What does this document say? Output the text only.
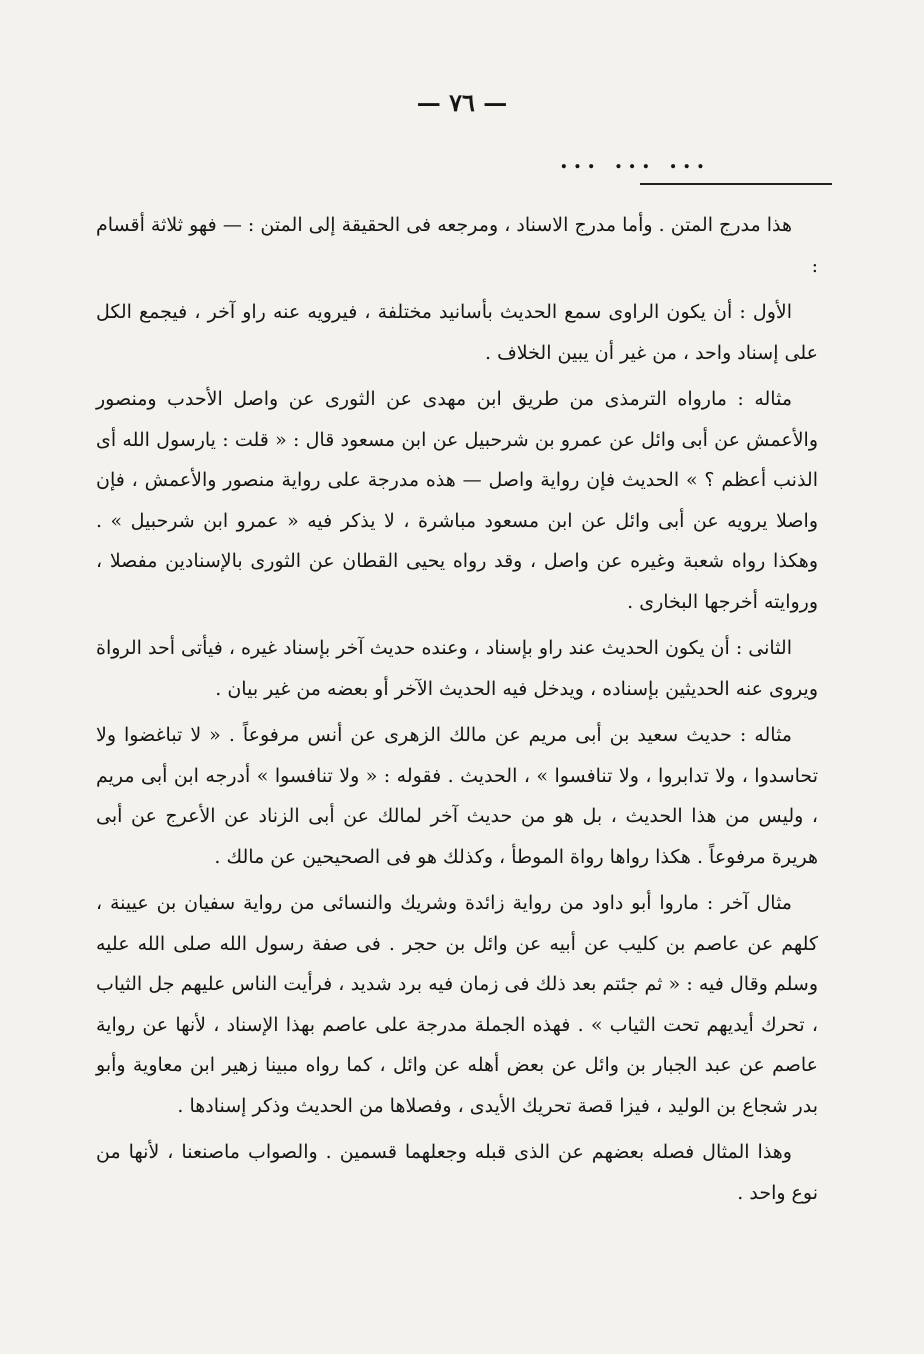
— ٧٦ —
... ... ...

هذا مدرج المتن . وأما مدرج الاسناد ، ومرجعه فى الحقيقة إلى المتن : — فهو ثلاثة أقسام :

الأول : أن يكون الراوى سمع الحديث بأسانيد مختلفة ، فيرويه عنه راو آخر ، فيجمع الكل على إسناد واحد ، من غير أن يبين الخلاف .

مثاله : مارواه الترمذى من طريق ابن مهدى عن الثورى عن واصل الأحدب ومنصور والأعمش عن أبى وائل عن عمرو بن شرحبيل عن ابن مسعود قال : « قلت : يارسول الله أى الذنب أعظم ؟ » الحديث فإن رواية واصل — هذه مدرجة على رواية منصور والأعمش ، فإن واصلا يرويه عن أبى وائل عن ابن مسعود مباشرة ، لا يذكر فيه « عمرو ابن شرحبيل » . وهكذا رواه شعبة وغيره عن واصل ، وقد رواه يحيى القطان عن الثورى بالإسنادين مفصلا ، وروايته أخرجها البخارى .

الثانى : أن يكون الحديث عند راو بإسناد ، وعنده حديث آخر بإسناد غيره ، فيأتى أحد الرواة ويروى عنه الحديثين بإسناده ، ويدخل فيه الحديث الآخر أو بعضه من غير بيان .

مثاله : حديث سعيد بن أبى مريم عن مالك الزهرى عن أنس مرفوعاً . « لا تباغضوا ولا تحاسدوا ، ولا تدابروا ، ولا تنافسوا » ، الحديث . فقوله : « ولا تنافسوا » أدرجه ابن أبى مريم ، وليس من هذا الحديث ، بل هو من حديث آخر لمالك عن أبى الزناد عن الأعرج عن أبى هريرة مرفوعاً . هكذا رواها رواة الموطأ ، وكذلك هو فى الصحيحين عن مالك .

مثال آخر : ماروا أبو داود من رواية زائدة وشريك والنسائى من رواية سفيان بن عيينة ، كلهم عن عاصم بن كليب عن أبيه عن وائل بن حجر . فى صفة رسول الله صلى الله عليه وسلم وقال فيه : « ثم جئتم بعد ذلك فى زمان فيه برد شديد ، فرأيت الناس عليهم جل الثياب ، تحرك أيديهم تحت الثياب » . فهذه الجملة مدرجة على عاصم بهذا الإسناد ، لأنها عن رواية عاصم عن عبد الجبار بن وائل عن بعض أهله عن وائل ، كما رواه مبينا زهير ابن معاوية وأبو بدر شجاع بن الوليد ، فيزا قصة تحريك الأيدى ، وفصلاها من الحديث وذكر إسنادها .

وهذا المثال فصله بعضهم عن الذى قبله وجعلهما قسمين . والصواب ماصنعنا ، لأنها من نوع واحد .
